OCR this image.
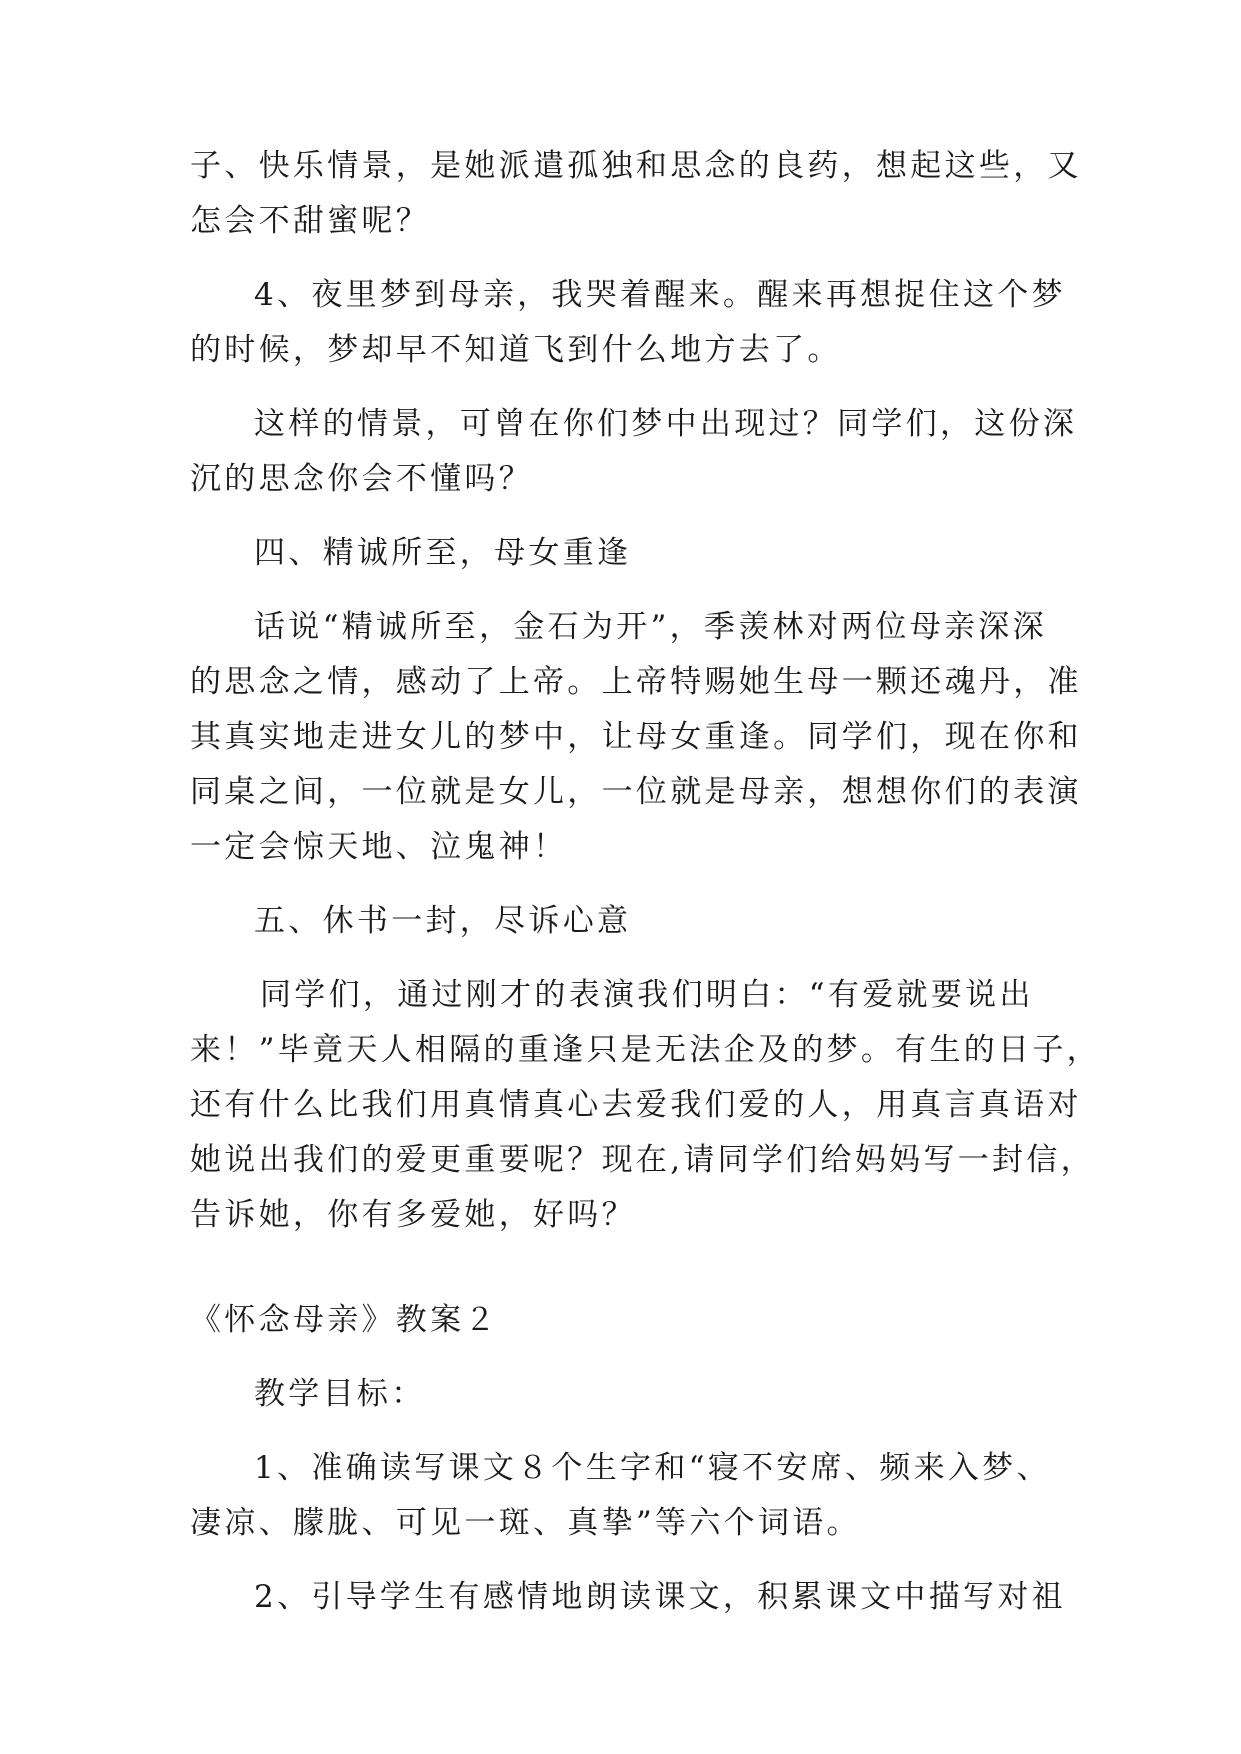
子、快乐情景，是她派遣孤独和思念的良药，想起这些，又
怎会不甜蜜呢？
4、夜里梦到母亲，我哭着醒来。醒来再想捉住这个梦
的时候，梦却早不知道飞到什么地方去了。
这样的情景，可曾在你们梦中出现过？同学们，这份深
沉的思念你会不懂吗？
四、精诚所至，母女重逢
话说“精诚所至，金石为开”，季羡林对两位母亲深深
的思念之情，感动了上帝。上帝特赐她生母一颗还魂丹，准
其真实地走进女儿的梦中，让母女重逢。同学们，现在你和
同桌之间，一位就是女儿，一位就是母亲，想想你们的表演
一定会惊天地、泣鬼神！
五、休书一封，尽诉心意
同学们，通过刚才的表演我们明白：“有爱就要说出
来！”毕竟天人相隔的重逢只是无法企及的梦。有生的日子，
还有什么比我们用真情真心去爱我们爱的人，用真言真语对
她说出我们的爱更重要呢？现在,请同学们给妈妈写一封信，
告诉她，你有多爱她，好吗？
《怀念母亲》教案２
教学目标：
1、准确读写课文８个生字和“寝不安席、频来入梦、
凄凉、朦胧、可见一斑、真挚”等六个词语。
2、引导学生有感情地朗读课文，积累课文中描写对祖
